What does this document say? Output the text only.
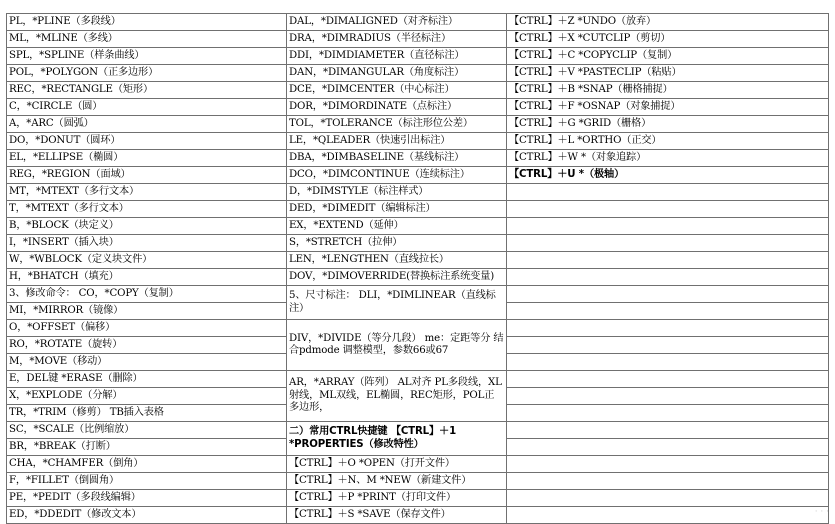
PL，*PLINE（多段线）	DAL，*DIMALIGNED（对齐标注）	【CTRL】＋Z *UNDO（放弃）
ML，*MLINE（多线）	DRA，*DIMRADIUS（半径标注）	【CTRL】＋X *CUTCLIP（剪切）
SPL，*SPLINE（样条曲线）	DDI，*DIMDIAMETER（直径标注）	【CTRL】＋C *COPYCLIP（复制）
POL，*POLYGON（正多边形）	DAN，*DIMANGULAR（角度标注）	【CTRL】＋V *PASTECLIP（粘贴）
REC，*RECTANGLE（矩形）	DCE，*DIMCENTER（中心标注）	【CTRL】＋B *SNAP（栅格捕捉）
C，*CIRCLE（圆）	DOR，*DIMORDINATE（点标注）	【CTRL】＋F *OSNAP（对象捕捉）
A，*ARC（圆弧）	TOL，*TOLERANCE（标注形位公差）	【CTRL】＋G *GRID（栅格）
DO，*DONUT（圆环）	LE，*QLEADER（快速引出标注）	【CTRL】＋L *ORTHO（正交）
EL，*ELLIPSE（椭圆）	DBA，*DIMBASELINE（基线标注）	【CTRL】＋W *（对象追踪）
REG，*REGION（面域）	DCO，*DIMCONTINUE（连续标注）	【CTRL】＋U *（极轴）
MT，*MTEXT（多行文本）	D，*DIMSTYLE（标注样式）	
T，*MTEXT（多行文本）	DED，*DIMEDIT（编辑标注）	
B，*BLOCK（块定义）	EX，*EXTEND（延伸）	
I，*INSERT（插入块）	S，*STRETCH（拉伸）	
W，*WBLOCK（定义块文件）	LEN，*LENGTHEN（直线拉长）	
H，*BHATCH（填充）	DOV，*DIMOVERRIDE(替换标注系统变量)	
3、修改命令： CO，*COPY（复制）	5、尺寸标注： DLI，*DIMLINEAR（直线标注）	
MI，*MIRROR（镜像）		
O，*OFFSET（偏移）	DIV，*DIVIDE（等分几段） me：定距等分 结合pdmode 调整模型，参数66或67	
RO，*ROTATE（旋转）		
M，*MOVE（移动）		
E，DEL键 *ERASE（删除）	AR，*ARRAY（阵列） AL对齐 PL多段线，XL射线，ML双线，EL椭圆，REC矩形，POL正多边形，	
X，*EXPLODE（分解）		
TR，*TRIM（修剪） TB插入表格		
SC，*SCALE（比例缩放）	二）常用CTRL快捷键 【CTRL】＋1 *PROPERTIES（修改特性）	
BR，*BREAK（打断）		
CHA，*CHAMFER（倒角）	【CTRL】＋O *OPEN（打开文件）	
F，*FILLET（倒圆角）	【CTRL】＋N、M *NEW（新建文件）	
PE，*PEDIT（多段线编辑）	【CTRL】＋P *PRINT（打印文件）	
ED，*DDEDIT（修改文本）	【CTRL】＋S *SAVE（保存文件）		· · ·
